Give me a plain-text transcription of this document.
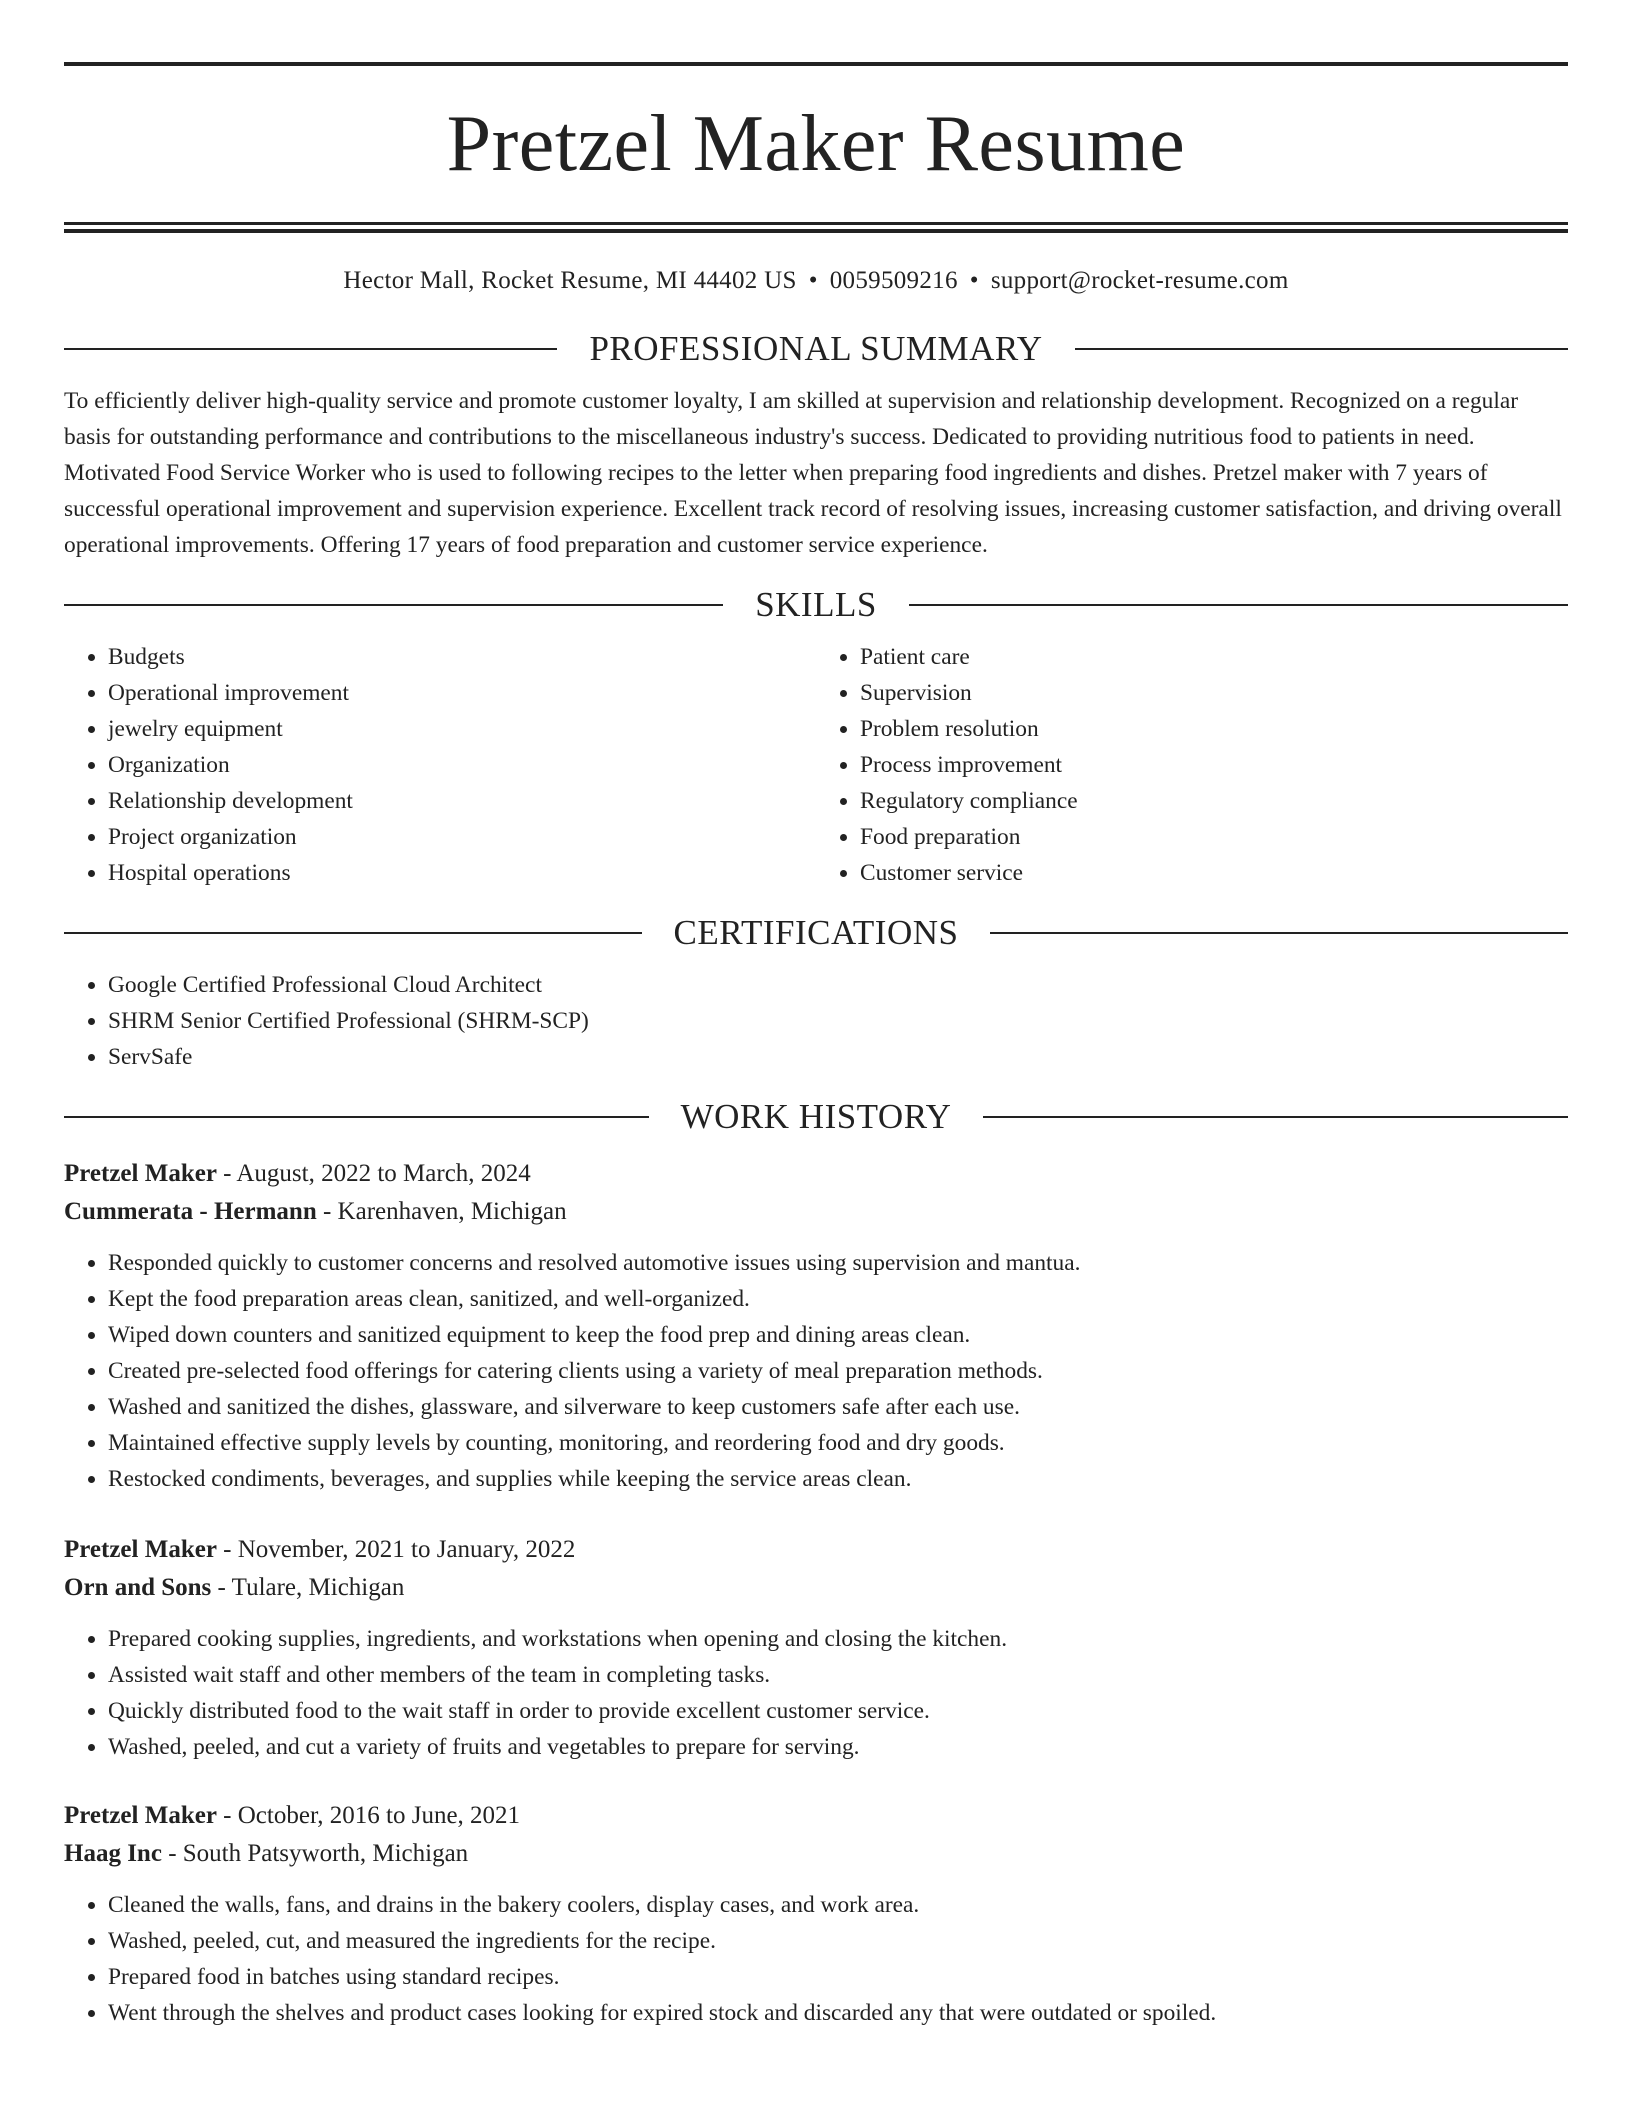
Pretzel Maker Resume
Hector Mall, Rocket Resume, MI 44402 US • 0059509216 • support@rocket-resume.com
PROFESSIONAL SUMMARY

To efficiently deliver high-quality service and promote customer loyalty, I am skilled at supervision and relationship development. Recognized on a regular basis for outstanding performance and contributions to the miscellaneous industry's success. Dedicated to providing nutritious food to patients in need. Motivated Food Service Worker who is used to following recipes to the letter when preparing food ingredients and dishes. Pretzel maker with 7 years of successful operational improvement and supervision experience. Excellent track record of resolving issues, increasing customer satisfaction, and driving overall operational improvements. Offering 17 years of food preparation and customer service experience.

SKILLS
• Budgets
• Operational improvement
• jewelry equipment
• Organization
• Relationship development
• Project organization
• Hospital operations
• Patient care
• Supervision
• Problem resolution
• Process improvement
• Regulatory compliance
• Food preparation
• Customer service
CERTIFICATIONS
• Google Certified Professional Cloud Architect
• SHRM Senior Certified Professional (SHRM-SCP)
• ServSafe
WORK HISTORY
Pretzel Maker - August, 2022 to March, 2024
Cummerata - Hermann - Karenhaven, Michigan
• Responded quickly to customer concerns and resolved automotive issues using supervision and mantua.
• Kept the food preparation areas clean, sanitized, and well-organized.
• Wiped down counters and sanitized equipment to keep the food prep and dining areas clean.
• Created pre-selected food offerings for catering clients using a variety of meal preparation methods.
• Washed and sanitized the dishes, glassware, and silverware to keep customers safe after each use.
• Maintained effective supply levels by counting, monitoring, and reordering food and dry goods.
• Restocked condiments, beverages, and supplies while keeping the service areas clean.
Pretzel Maker - November, 2021 to January, 2022
Orn and Sons - Tulare, Michigan
• Prepared cooking supplies, ingredients, and workstations when opening and closing the kitchen.
• Assisted wait staff and other members of the team in completing tasks.
• Quickly distributed food to the wait staff in order to provide excellent customer service.
• Washed, peeled, and cut a variety of fruits and vegetables to prepare for serving.
Pretzel Maker - October, 2016 to June, 2021
Haag Inc - South Patsyworth, Michigan
• Cleaned the walls, fans, and drains in the bakery coolers, display cases, and work area.
• Washed, peeled, cut, and measured the ingredients for the recipe.
• Prepared food in batches using standard recipes.
• Went through the shelves and product cases looking for expired stock and discarded any that were outdated or spoiled.
